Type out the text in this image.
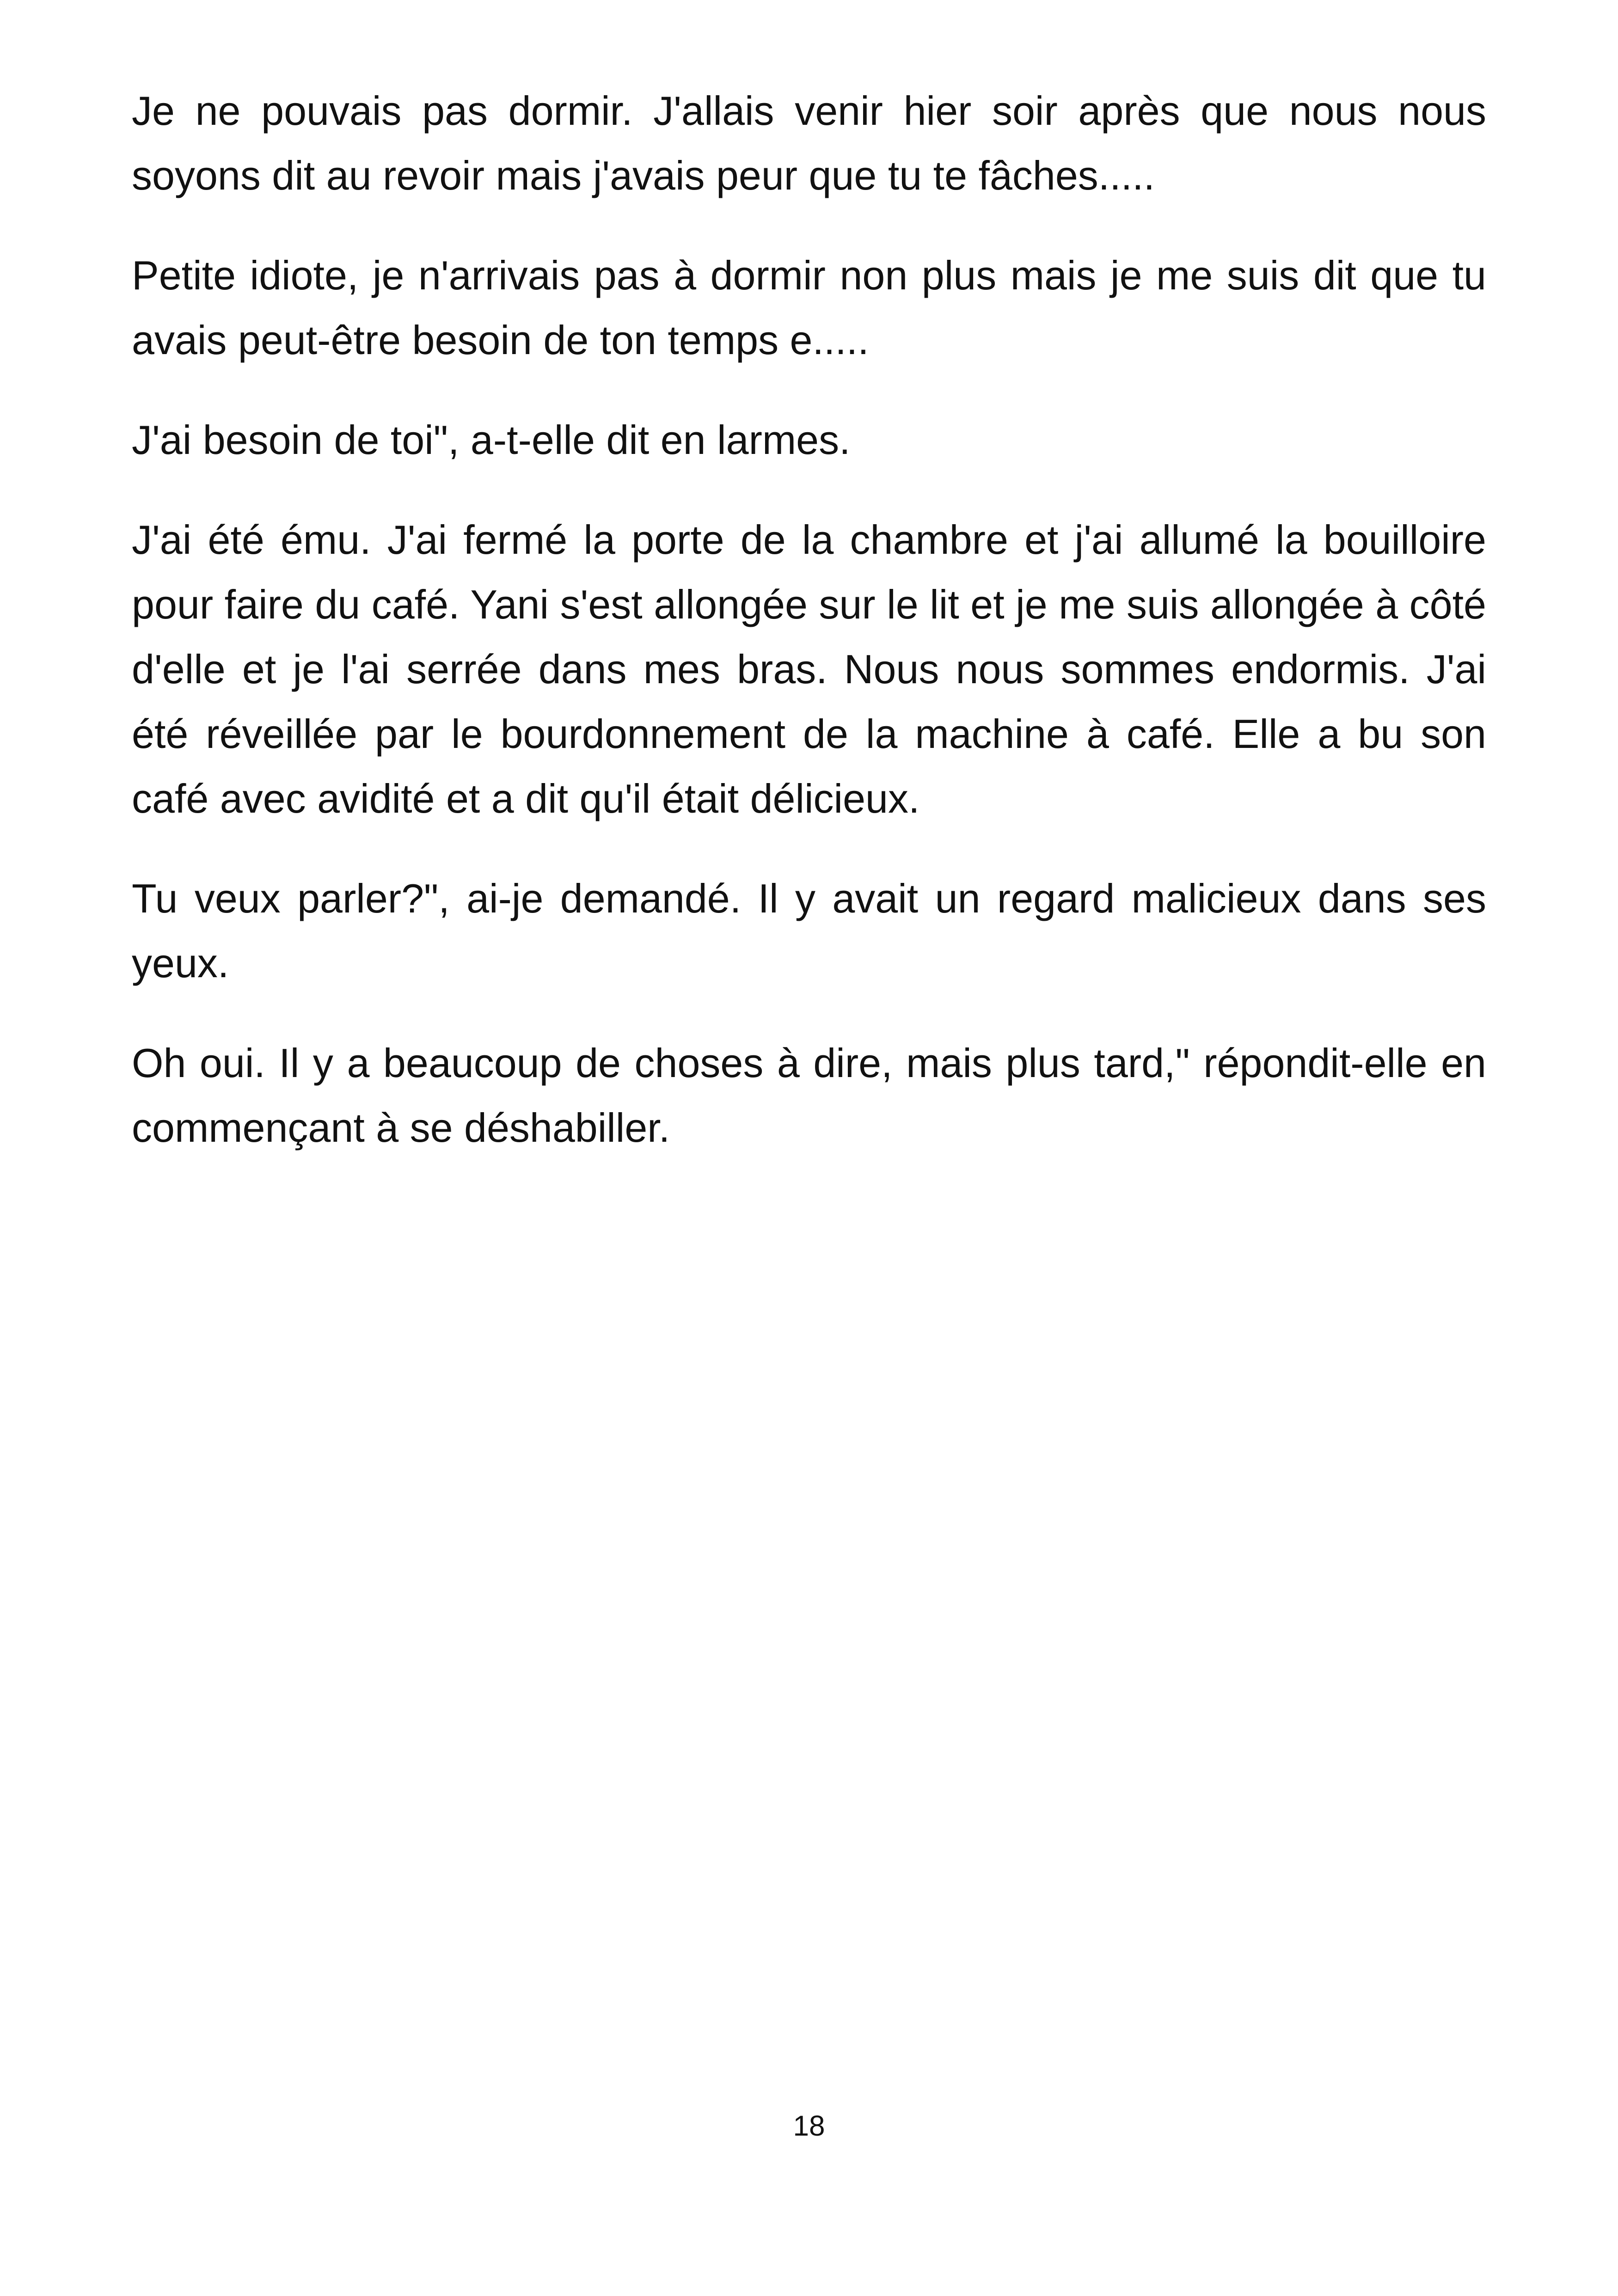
Je ne pouvais pas dormir. J'allais venir hier soir après que nous nous soyons dit au revoir mais j'avais peur que tu te fâches.....

Petite idiote, je n'arrivais pas à dormir non plus mais je me suis dit que tu avais peut-être besoin de ton temps e.....

J'ai besoin de toi", a-t-elle dit en larmes.

J'ai été ému. J'ai fermé la porte de la chambre et j'ai allumé la bouilloire pour faire du café. Yani s'est allongée sur le lit et je me suis allongée à côté d'elle et je l'ai serrée dans mes bras. Nous nous sommes endormis. J'ai été réveillée par le bourdonnement de la machine à café. Elle a bu son café avec avidité et a dit qu'il était délicieux.

Tu veux parler?", ai-je demandé. Il y avait un regard malicieux dans ses yeux.

Oh oui. Il y a beaucoup de choses à dire, mais plus tard," répondit-elle en commençant à se déshabiller.

18
